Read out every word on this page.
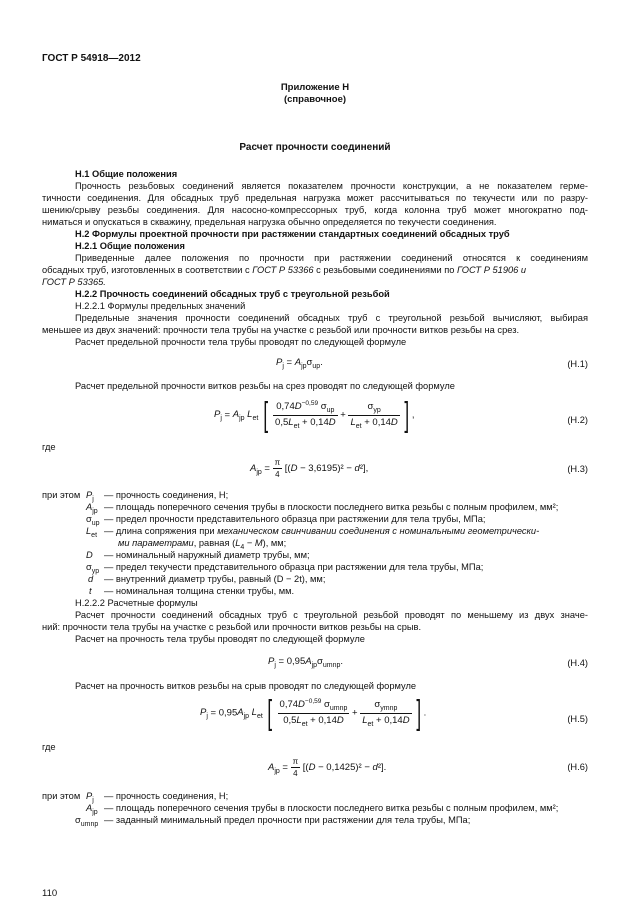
ГОСТ Р 54918—2012
Приложение Н
(справочное)
Расчет прочности соединений
Н.1 Общие положения
Прочность резьбовых соединений является показателем прочности конструкции, а не показателем герме-
тичности соединения. Для обсадных труб предельная нагрузка может рассчитываться по текучести или по разру-
шению/срыву резьбы соединения. Для насосно-компрессорных труб, когда колонна труб может многократно под-
ниматься и опускаться в скважину, предельная нагрузка обычно определяется по текучести соединения.
Н.2 Формулы проектной прочности при растяжении стандартных соединений обсадных труб
Н.2.1 Общие положения
Приведенные далее положения по прочности при растяжении соединений относятся к соединениям
обсадных труб, изготовленных в соответствии с ГОСТ Р 53366 с резьбовыми соединениями по ГОСТ Р 51906 и
ГОСТ Р 53365.
Н.2.2 Прочность соединений обсадных труб с треугольной резьбой
Н.2.2.1 Формулы предельных значений
Предельные значения прочности соединений обсадных труб с треугольной резьбой вычисляют, выбирая
меньшее из двух значений: прочности тела трубы на участке с резьбой или прочности витков резьбы на срез.
Расчет предельной прочности тела трубы проводят по следующей формуле
$P_j = A_{jp}\sigma_{up}$.	(Н.1)
Расчет предельной прочности витков резьбы на срез проводят по следующей формуле
$P_j = A_{jp}$ $L_{et}$ [ $\frac{0,74D^{-0,59} \sigma_{up}}{0,5L_{et} + 0,14D} + \frac{\sigma_{yp}}{L_{et} + 0,14D}$ ] ,	(Н.2)
где
$A_{jp} = \frac{\pi}{4} [(D - 3,6195)^2 - d^2]$,	(Н.3)
при этом $P_j$ — прочность соединения, Н;
$A_{jp}$ — площадь поперечного сечения трубы в плоскости последнего витка резьбы с полным профилем, мм²;
$\sigma_{up}$ — предел прочности представительного образца при растяжении для тела трубы, МПа;
$L_{et}$ — длина сопряжения при механическом свинчивании соединения с номинальными геометрически-
ми параметрами, равная $(L_4 - M)$, мм;
D — номинальный наружный диаметр трубы, мм;
$\sigma_{yp}$ — предел текучести представительного образца при растяжении для тела трубы, МПа;
d — внутренний диаметр трубы, равный (D − 2t), мм;
t — номинальная толщина стенки трубы, мм.
Н.2.2.2 Расчетные формулы
Расчет прочности соединений обсадных труб с треугольной резьбой проводят по меньшему из двух значе-
ний: прочности тела трубы на участке с резьбой или прочности витков резьбы на срыв.
Расчет на прочность тела трубы проводят по следующей формуле
$P_j = 0,95A_{jp}\sigma_{umnp}$.	(Н.4)
Расчет на прочность витков резьбы на срыв проводят по следующей формуле
$P_j = 0,95A_{jp}$ $L_{et}$ [ $\frac{0,74D^{-0,59} \sigma_{umnp}}{0,5L_{et} + 0,14D} + \frac{\sigma_{ymnp}}{L_{et} + 0,14D}$ ] .
(Н.5)
где
$A_{jp} = \frac{\pi}{4} [(D - 0,1425)^2 - d^2]$.	(Н.6)
при этом $P_j$ — прочность соединения, Н;
$A_{jp}$ — площадь поперечного сечения трубы в плоскости последнего витка резьбы с полным профилем, мм²;
$\sigma_{umnp}$ — заданный минимальный предел прочности при растяжении для тела трубы, МПа;
110
